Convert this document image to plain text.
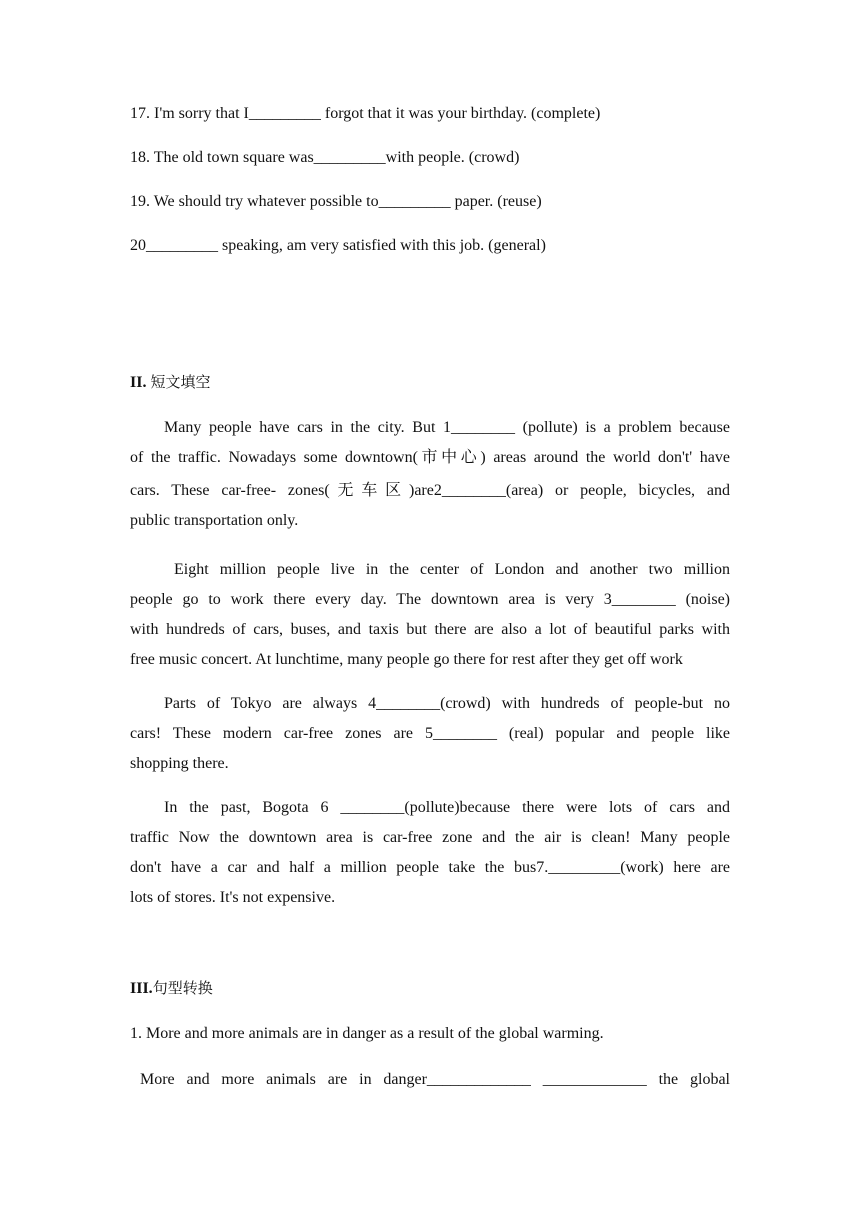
17. I'm sorry that I_________ forgot that it was your birthday. (complete)
18. The old town square was_________with people. (crowd)
19. We should try whatever possible to_________ paper. (reuse)
20_________ speaking, am very satisfied with this job. (general)
II. 短文填空
Many people have cars in the city. But 1________ (pollute) is a problem because
of the traffic. Nowadays some downtown(市中心) areas around the world don't' have
cars. These car-free- zones(无车区)are2________(area) or people, bicycles, and
public transportation only.
Eight million people live in the center of London and another two million
people go to work there every day. The downtown area is very 3________ (noise)
with hundreds of cars, buses, and taxis but there are also a lot of beautiful parks with
free music concert. At lunchtime, many people go there for rest after they get off work
Parts of Tokyo are always 4________(crowd) with hundreds of people-but no
cars! These modern car-free zones are 5________ (real) popular and people like
shopping there.
In the past, Bogota 6 ________(pollute)because there were lots of cars and
traffic Now the downtown area is car-free zone and the air is clean! Many people
don't have a car and half a million people take the bus7._________(work) here are
lots of stores. It's not expensive.
III.句型转换
1. More and more animals are in danger as a result of the global warming.
More and more animals are in danger_____________ _____________ the global
